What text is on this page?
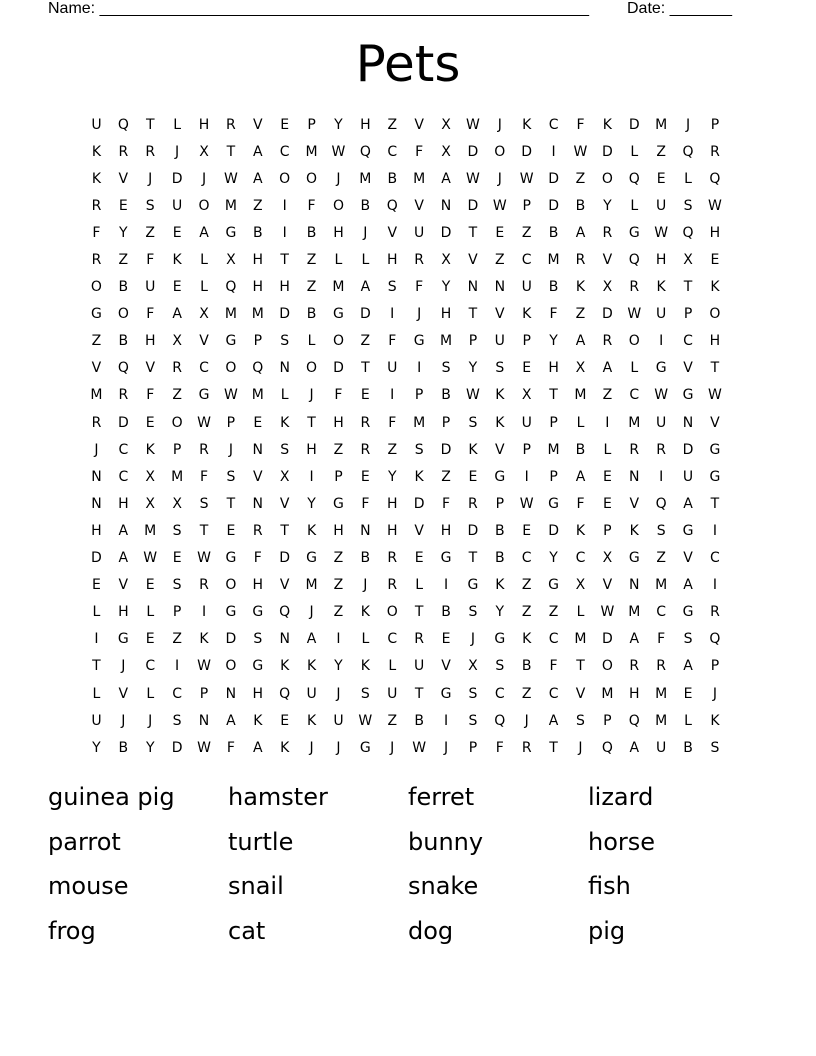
Name: _______________________________________________________ Date: _______
Pets
U	Q	T	L	H	R	V	E	P	Y	H	Z	V	X	W	J	K	C	F	K	D	M	J	P
K	R	R	J	X	T	A	C	M W	Q	C	F	X	D	O	D	I	W	D	L	Z	Q	R
K	V	J	D	J	W	A	O	O	J	M	B	M	A	W	J	W	D	Z	O	Q	E	L	Q
R	E	S	U	O	M	Z	I	F	O	B	Q	V	N	D	W	P	D	B	Y	L	U	S	W
F	Y	Z	E	A	G	B	I	B	H	J	V	U	D	T	E	Z	B	A	R	G	W	Q	H
R	Z	F	K	L	X	H	T	Z	L	L	H	R	X	V	Z	C	M	R	V	Q	H	X	E
O	B	U	E	L	Q	H	H	Z	M	A	S	F	Y	N	N	U	B	K	X	R	K	T	K
G	O	F	A	X	M	M	D	B	G	D	I	J	H	T	V	K	F	Z	D	W	U	P	O
Z	B	H	X	V	G	P	S	L	O	Z	F	G	M	P	U	P	Y	A	R	O	I	C	H
V	Q	V	R	C	O	Q	N	O	D	T	U	I	S	Y	S	E	H	X	A	L	G	V	T
M	R	F	Z	G	W M	L	J	F	E	I	P	B	W	K	X	T	M	Z	C	W	G	W
R	D	E	O	W	P	E	K	T	H	R	F	M	P	S	K	U	P	L	I	M	U	N	V
J	C	K	P	R	J	N	S	H	Z	R	Z	S	D	K	V	P	M	B	L	R	R	D	G
N	C	X	M	F	S	V	X	I	P	E	Y	K	Z	E	G	I	P	A	E	N	I	U	G
N	H	X	X	S	T	N	V	Y	G	F	H	D	F	R	P	W	G	F	E	V	Q	A	T
H	A	M	S	T	E	R	T	K	H	N	H	V	H	D	B	E	D	K	P	K	S	G	I
D	A	W	E	W	G	F	D	G	Z	B	R	E	G	T	B	C	Y	C	X	G	Z	V	C
E	V	E	S	R	O	H	V	M	Z	J	R	L	I	G	K	Z	G	X	V	N	M	A	I
L	H	L	P	I	G	G	Q	J	Z	K	O	T	B	S	Y	Z	Z	L	W M	C	G	R
I	G	E	Z	K	D	S	N	A	I	L	C	R	E	J	G	K	C	M	D	A	F	S	Q
T	J	C	I	W	O	G	K	K	Y	K	L	U	V	X	S	B	F	T	O	R	R	A	P
L	V	L	C	P	N	H	Q	U	J	S	U	T	G	S	C	Z	C	V	M	H	M	E	J
U	J	J	S	N	A	K	E	K	U	W	Z	B	I	S	Q	J	A	S	P	Q	M	L	K
Y	B	Y	D	W	F	A	K	J	J	G	J	W	J	P	F	R	T	J	Q	A	U	B	S
guinea pig	hamster	ferret	lizard
parrot	turtle	bunny	horse
mouse	snail	snake	fish
frog	cat	dog	pig
